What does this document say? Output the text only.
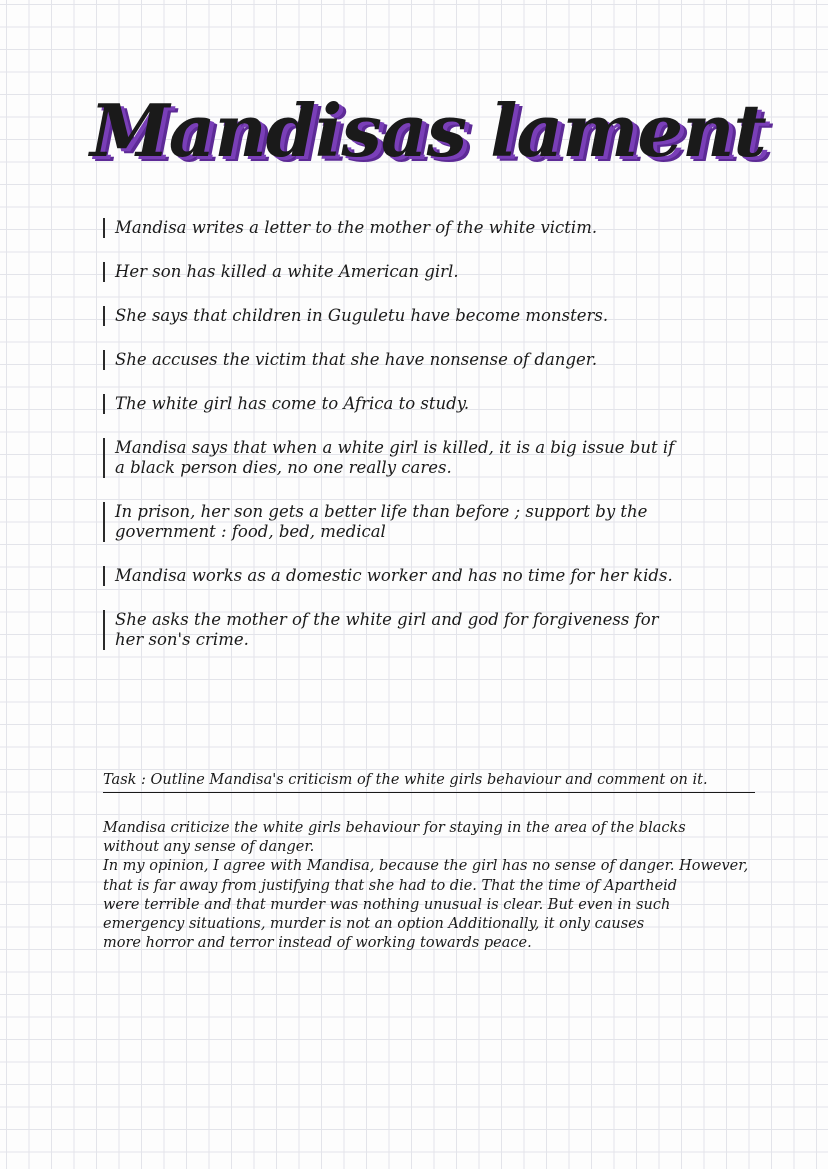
Mandisas lament

Mandisa writes a letter to the mother of the white victim.

Her son has killed a white American girl.

She says that children in Guguletu have become monsters.

She accuses the victim that she have nonsense of danger.

The white girl has come to Africa to study.

Mandisa says that when a white girl is killed, it is a big issue but if
a black person dies, no one really cares.

In prison, her son gets a better life than before ; support by the
government : food, bed, medical

Mandisa works as a domestic worker and has no time for her kids.

She asks the mother of the white girl and god for forgiveness for
her son's crime.

Task : Outline Mandisa's criticism of the white girls behaviour and comment on it.
Mandisa criticize the white girls behaviour for staying in the area of the blacks
without any sense of danger.
In my opinion, I agree with Mandisa, because the girl has no sense of danger. However,
that is far away from justifying that she had to die. That the time of Apartheid
were terrible and that murder was nothing unusual is clear. But even in such
emergency situations, murder is not an option Additionally, it only causes
more horror and terror instead of working towards peace.
